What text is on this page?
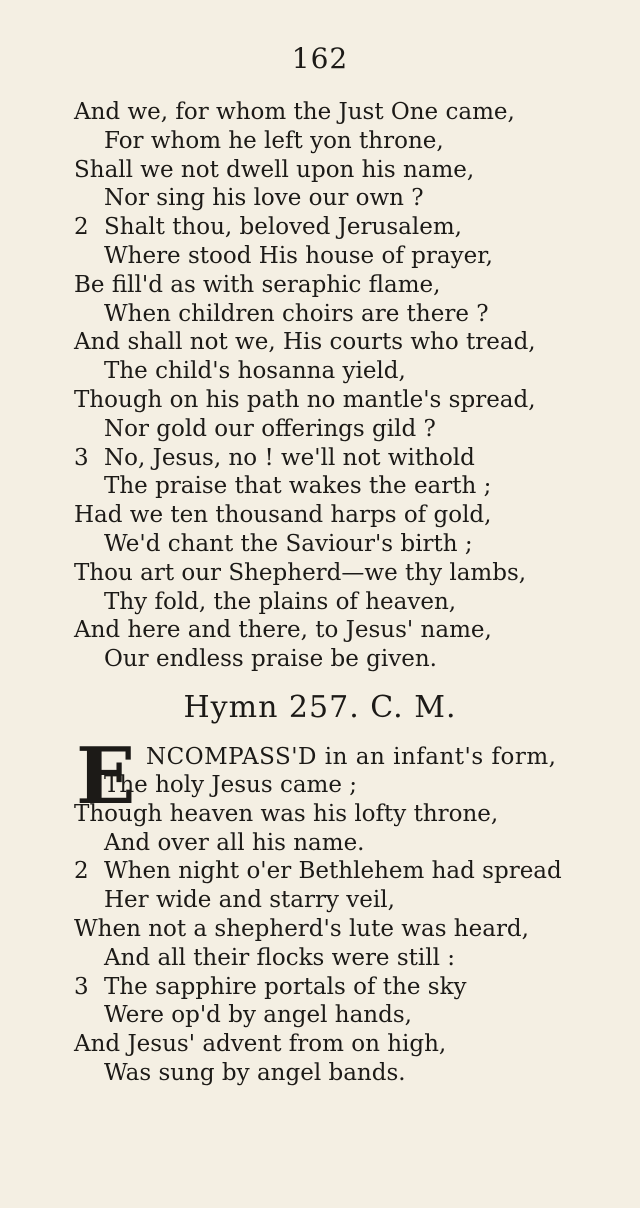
162
And we, for whom the Just One came,
For whom he left yon throne,
Shall we not dwell upon his name,
Nor sing his love our own ?
2 Shalt thou, beloved Jerusalem,
Where stood His house of prayer,
Be fill'd as with seraphic flame,
When children choirs are there ?
And shall not we, His courts who tread,
The child's hosanna yield,
Though on his path no mantle's spread,
Nor gold our offerings gild ?
3 No, Jesus, no ! we'll not withold
The praise that wakes the earth ;
Had we ten thousand harps of gold,
We'd chant the Saviour's birth ;
Thou art our Shepherd—we thy lambs,
Thy fold, the plains of heaven,
And here and there, to Jesus' name,
Our endless praise be given.
Hymn 257. C. M.
E NCOMPASS'D in an infant's form,
The holy Jesus came ;
Though heaven was his lofty throne,
And over all his name.
2 When night o'er Bethlehem had spread
Her wide and starry veil,
When not a shepherd's lute was heard,
And all their flocks were still :
3 The sapphire portals of the sky
Were op'd by angel hands,
And Jesus' advent from on high,
Was sung by angel bands.
